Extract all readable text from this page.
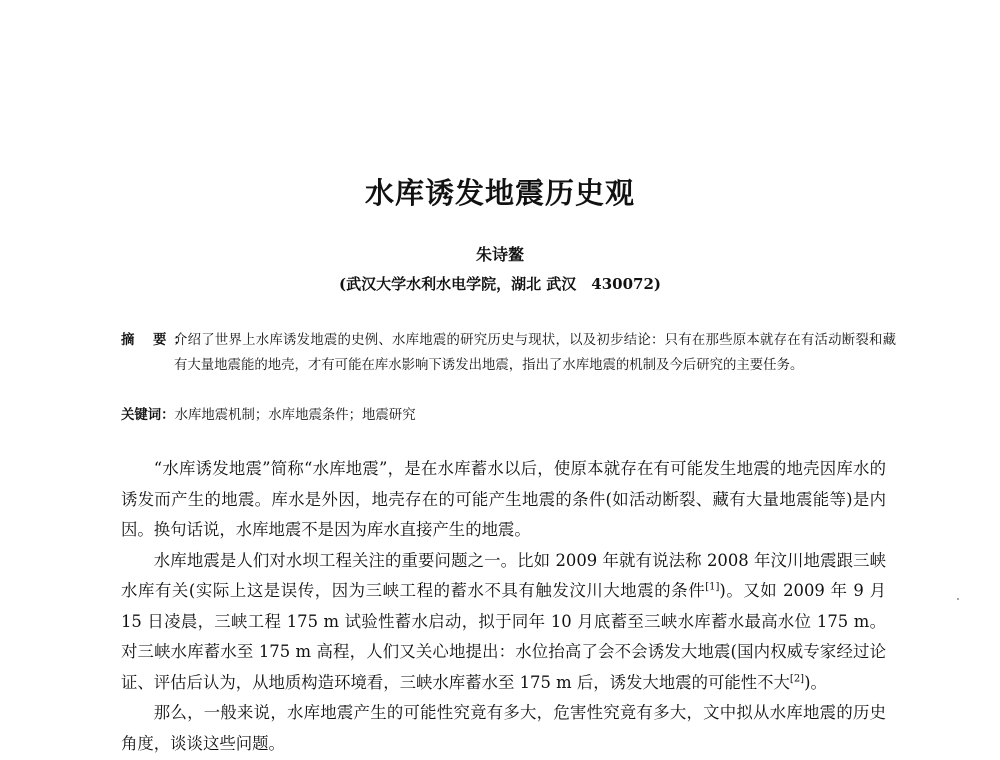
水库诱发地震历史观
朱诗鳌
(武汉大学水利水电学院，湖北 武汉　430072)
摘 要：
介绍了世界上水库诱发地震的史例、水库地震的研究历史与现状，以及初步结论：只有在那些原本就存在有活动断裂和藏有大量地震能的地壳，才有可能在库水影响下诱发出地震，指出了水库地震的机制及今后研究的主要任务。
关键词：水库地震机制；水库地震条件；地震研究

“水库诱发地震”简称“水库地震”，是在水库蓄水以后，使原本就存在有可能发生地震的地壳因库水的诱发而产生的地震。库水是外因，地壳存在的可能产生地震的条件(如活动断裂、藏有大量地震能等)是内因。换句话说，水库地震不是因为库水直接产生的地震。

水库地震是人们对水坝工程关注的重要问题之一。比如 2009 年就有说法称 2008 年汶川地震跟三峡水库有关(实际上这是误传，因为三峡工程的蓄水不具有触发汶川大地震的条件[1])。又如 2009 年 9 月 15 日凌晨，三峡工程 175 m 试验性蓄水启动，拟于同年 10 月底蓄至三峡水库蓄水最高水位 175 m。对三峡水库蓄水至 175 m 高程，人们又关心地提出：水位抬高了会不会诱发大地震(国内权威专家经过论证、评估后认为，从地质构造环境看，三峡水库蓄水至 175 m 后，诱发大地震的可能性不大[2])。

那么，一般来说，水库地震产生的可能性究竟有多大，危害性究竟有多大，文中拟从水库地震的历史角度，谈谈这些问题。
